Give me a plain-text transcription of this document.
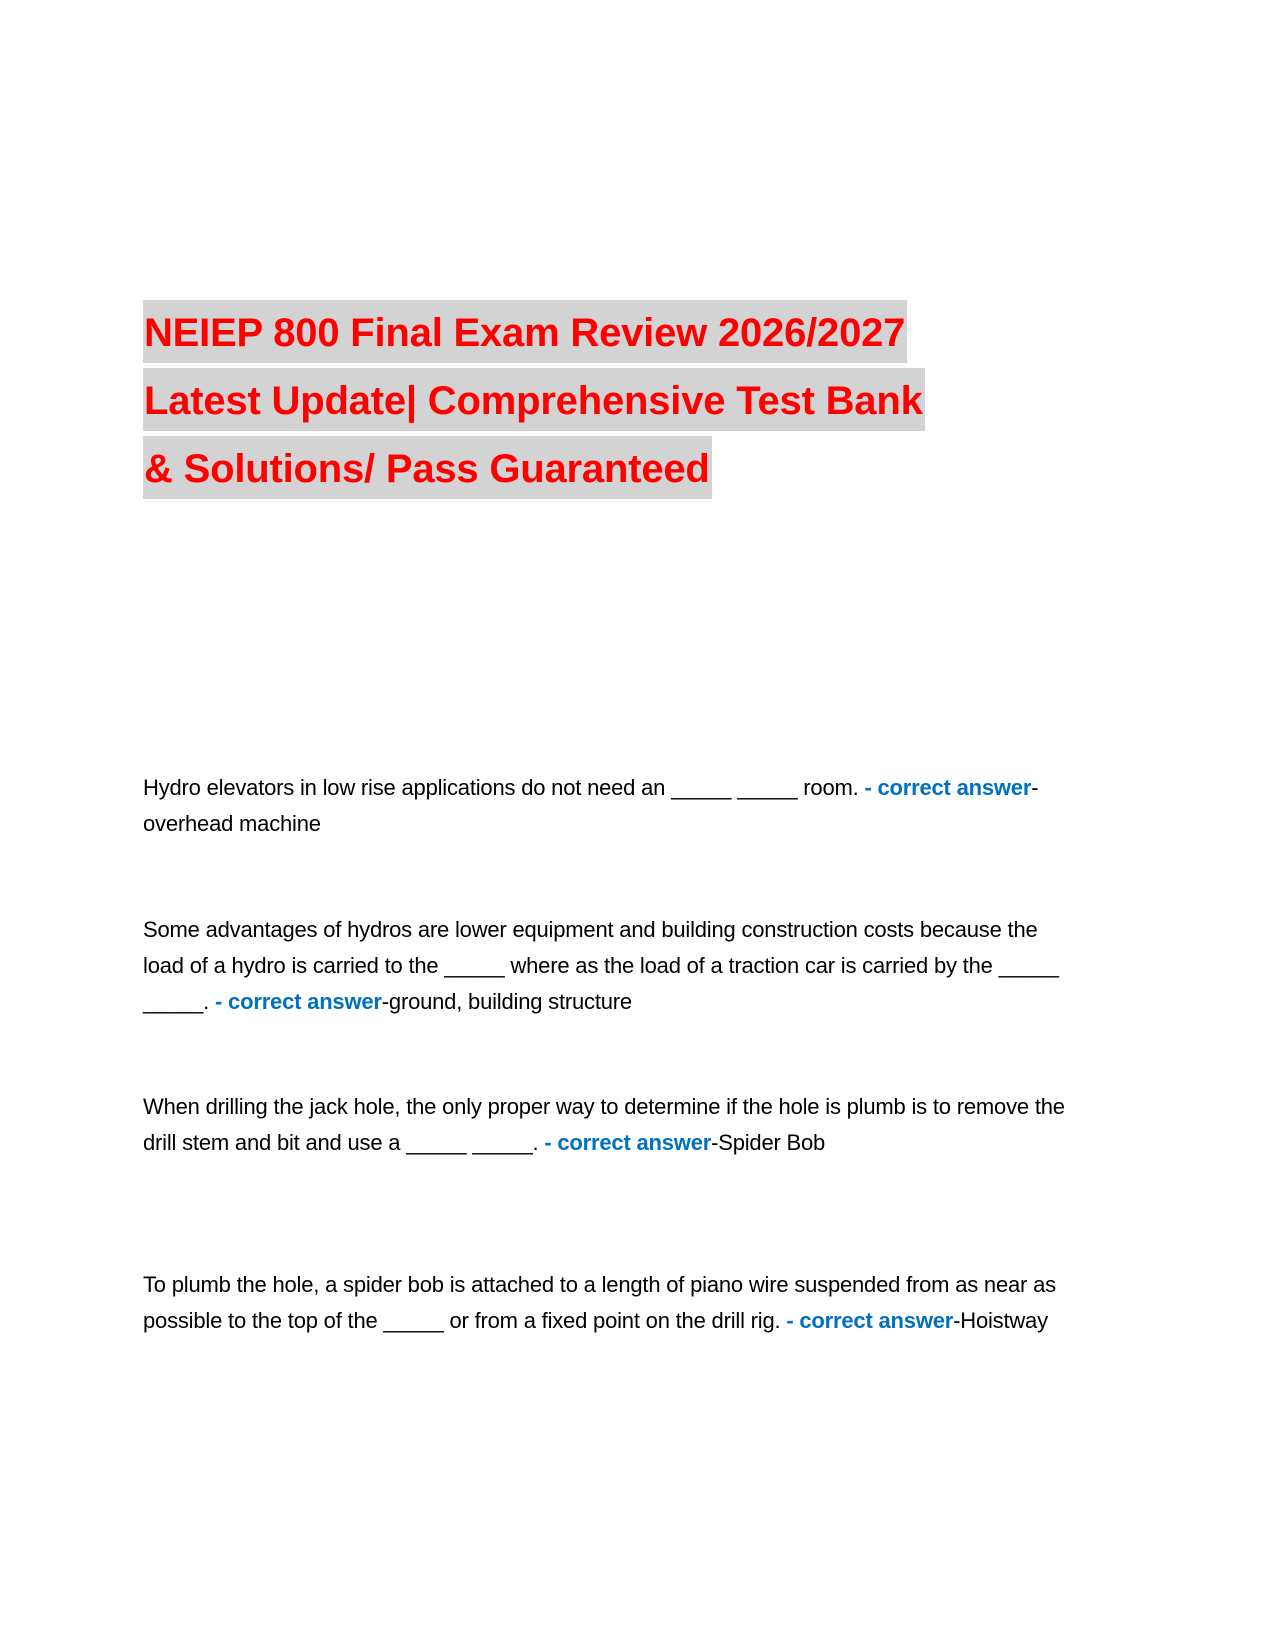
NEIEP 800 Final Exam Review 2026/2027
Latest Update| Comprehensive Test Bank
& Solutions/ Pass Guaranteed
Hydro elevators in low rise applications do not need an _____ _____ room. - correct answer-overhead machine
Some advantages of hydros are lower equipment and building construction costs because the load of a hydro is carried to the _____ where as the load of a traction car is carried by the _____ _____. - correct answer-ground, building structure
When drilling the jack hole, the only proper way to determine if the hole is plumb is to remove the drill stem and bit and use a _____ _____. - correct answer-Spider Bob
To plumb the hole, a spider bob is attached to a length of piano wire suspended from as near as possible to the top of the _____ or from a fixed point on the drill rig. - correct answer-Hoistway
